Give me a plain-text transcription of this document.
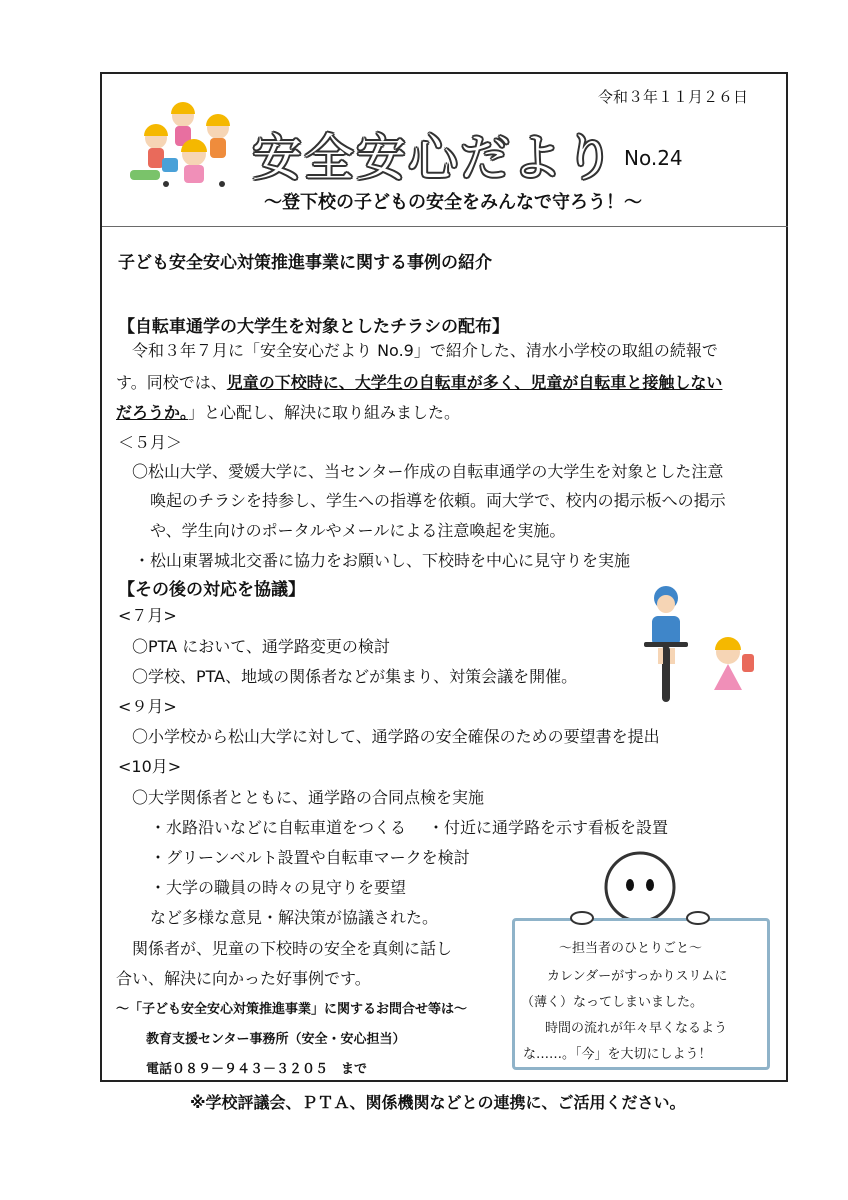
令和３年１１月２６日
安全安心だより No.24
～登下校の子どもの安全をみんなで守ろう！～
子ども安全安心対策推進事業に関する事例の紹介
【自転車通学の大学生を対象としたチラシの配布】
　令和３年７月に「安全安心だより No.9」で紹介した、清水小学校の取組の続報で
す。同校では、児童の下校時に、大学生の自転車が多く、児童が自転車と接触しない
だろうか。」と心配し、解決に取り組みました。
＜５月＞
〇松山大学、愛媛大学に、当センター作成の自転車通学の大学生を対象とした注意
喚起のチラシを持参し、学生への指導を依頼。両大学で、校内の掲示板への掲示
や、学生向けのポータルやメールによる注意喚起を実施。
・松山東署城北交番に協力をお願いし、下校時を中心に見守りを実施
【その後の対応を協議】
<７月>
〇PTA において、通学路変更の検討
〇学校、PTA、地域の関係者などが集まり、対策会議を開催。
<９月>
〇小学校から松山大学に対して、通学路の安全確保のための要望書を提出
<10月>
〇大学関係者とともに、通学路の合同点検を実施
・水路沿いなどに自転車道をつくる ・付近に通学路を示す看板を設置
・グリーンベルト設置や自転車マークを検討
・大学の職員の時々の見守りを要望
など多様な意見・解決策が協議された。
　関係者が、児童の下校時の安全を真剣に話し
合い、解決に向かった好事例です。
～「子ども安全安心対策推進事業」に関するお問合せ等は～
教育支援センター事務所（安全・安心担当）
電話０８９－９４３－３２０５　まで
～担当者のひとりごと～
カレンダーがすっかりスリムに
（薄く）なってしまいました。
時間の流れが年々早くなるよう
な……。「今」を大切にしよう！
※学校評議会、ＰＴＡ、関係機関などとの連携に、ご活用ください。
